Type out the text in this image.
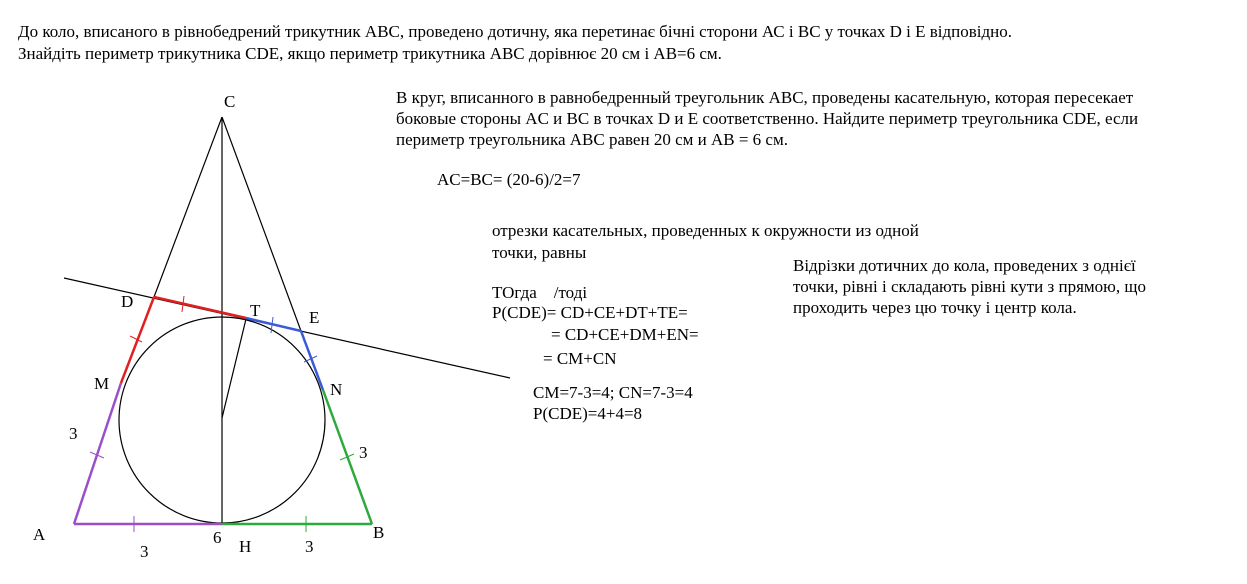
До коло, вписаного в рівнобедрений трикутник АВС, проведено дотичну, яка перетинає бічні сторони АС і ВС у точках D і E відповідно.

Знайдіть периметр трикутника CDE, якщо периметр трикутника АВС дорівнює 20 см і АВ=6 см.

В круг, вписанного в равнобедренный треугольник ABC, проведены касательную, которая пересекает

боковые стороны AC и BC в точках D и E соответственно. Найдите периметр треугольника CDE, если

периметр треугольника ABC равен 20 см и AB = 6 см.

AC=BC= (20-6)/2=7

отрезки касательных, проведенных к окружности из одной

точки, равны

ТОгда    /тоді

P(CDE)= CD+CE+DT+TE=

= CD+CE+DM+EN=

= CM+CN

CM=7-3=4; CN=7-3=4

P(CDE)=4+4=8

Відрізки дотичних до кола, проведених з однієї

точки, рівні і складають рівні кути з прямою, що

проходить через цю точку і центр кола.

C
D	T	E
M	N
A	B
H
3
3
3	3
6
